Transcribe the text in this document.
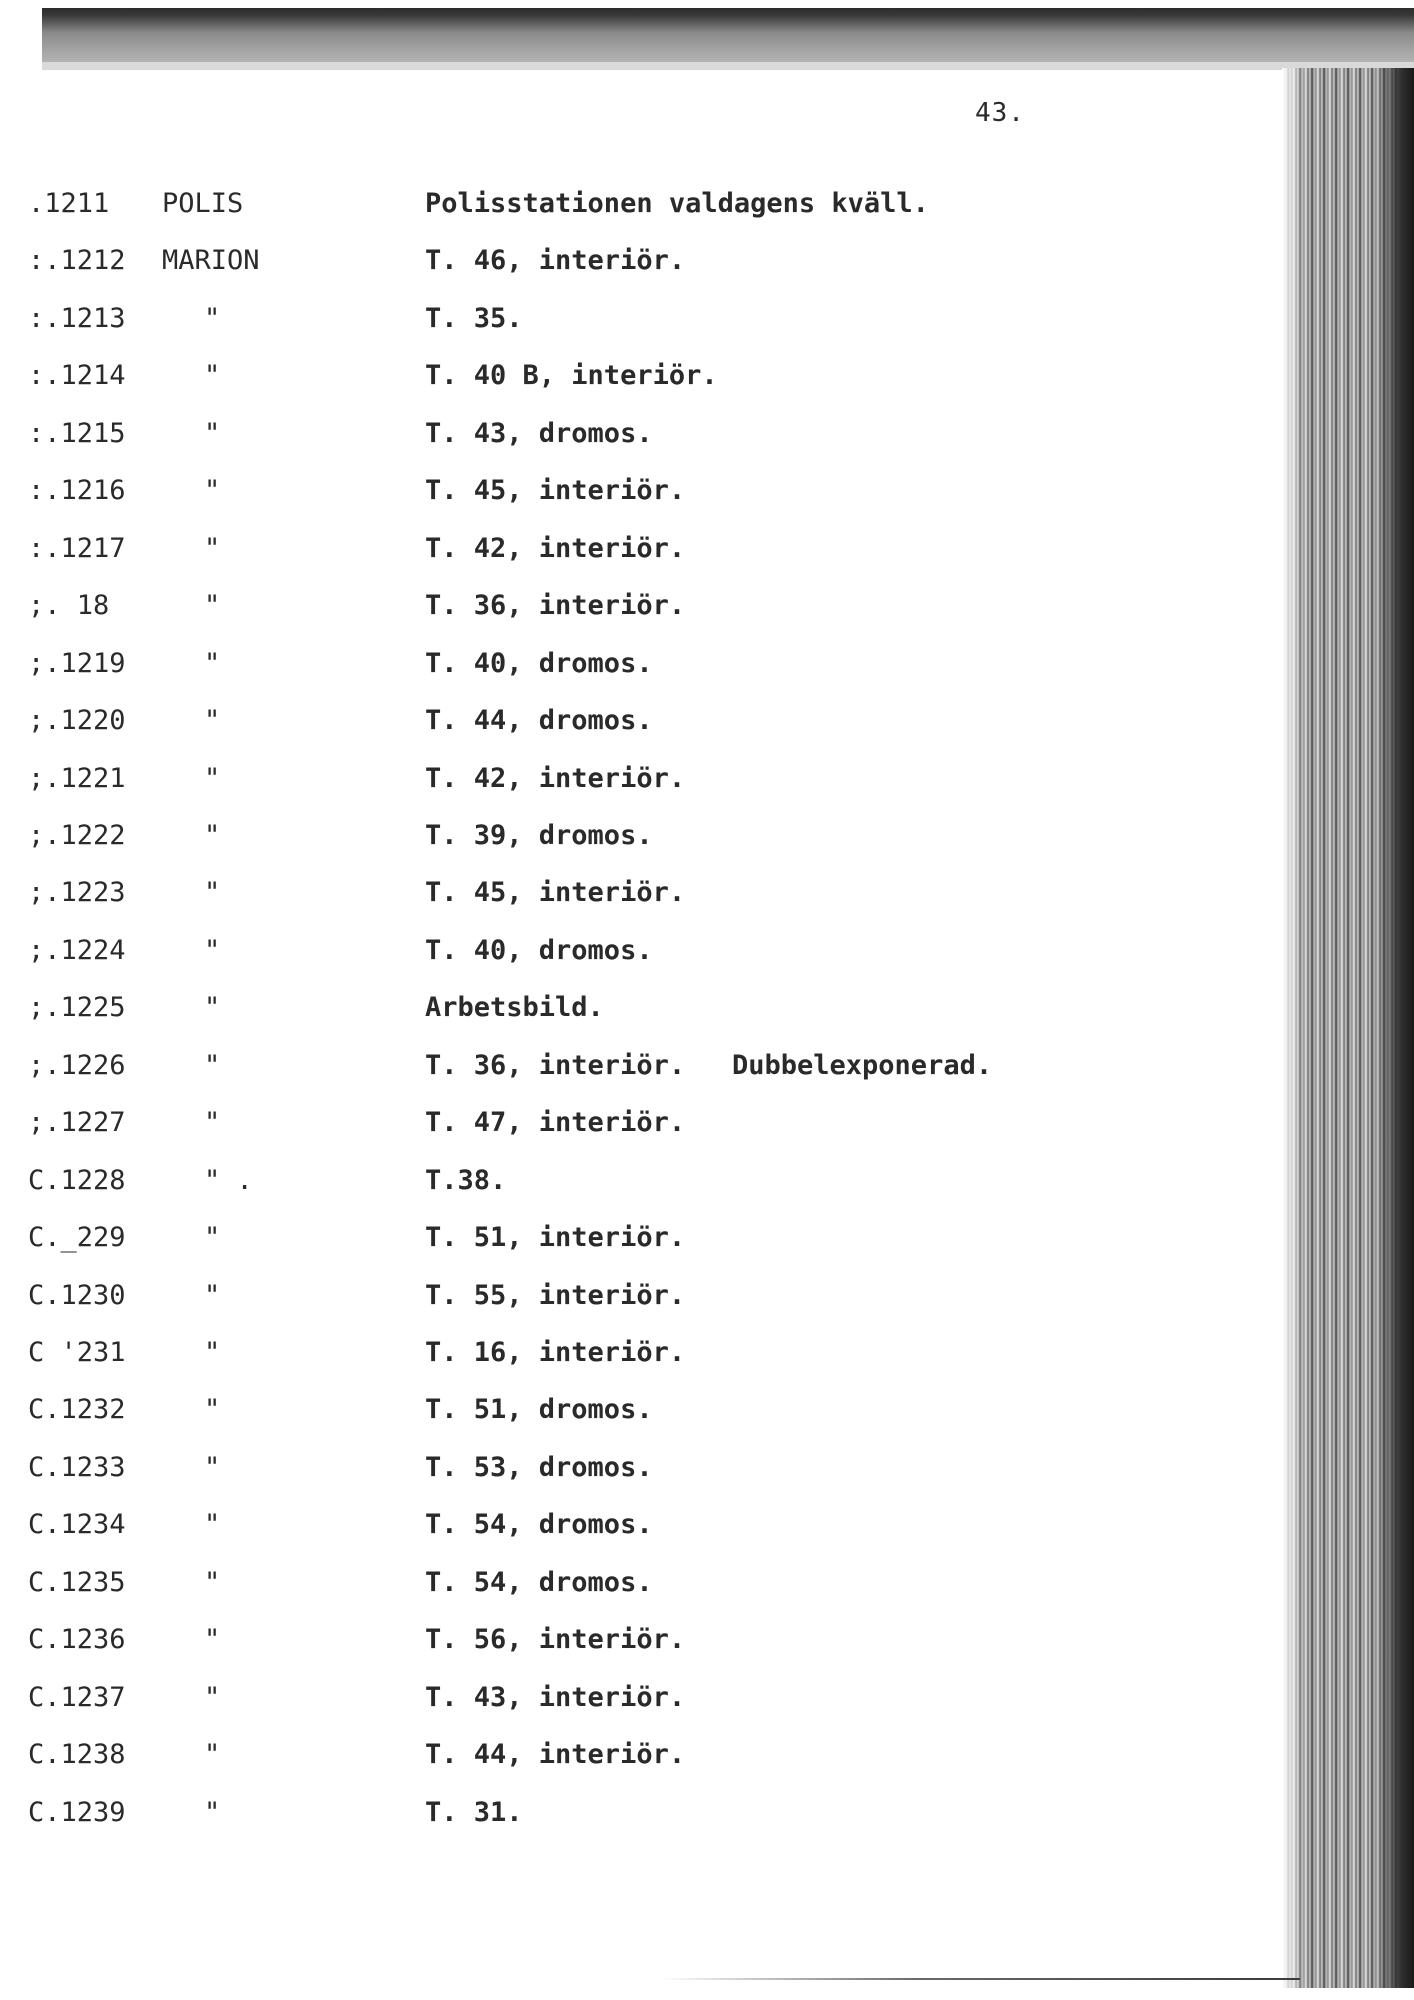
43.
.1211 POLIS	Polisstationen valdagens kväll.
:.1212 MARION	T. 46, interiör.
:.1213	"	T. 35.
:.1214	"	T. 40 B, interiör.
:.1215	"	T. 43, dromos.
:.1216	"	T. 45, interiör.
:.1217	"	T. 42, interiör.
;. 18	"	T. 36, interiör.
;.1219	"	T. 40, dromos.
;.1220	"	T. 44, dromos.
;.1221	"	T. 42, interiör.
;.1222	"	T. 39, dromos.
;.1223	"	T. 45, interiör.
;.1224	"	T. 40, dromos.
;.1225	"	Arbetsbild.
;.1226	"	T. 36, interiör. Dubbelexponerad.
;.1227	"	T. 47, interiör.
C.1228	" .	T.38.
C._229	"	T. 51, interiör.
C.1230	"	T. 55, interiör.
C '231	"	T. 16, interiör.
C.1232	"	T. 51, dromos.
C.1233	"	T. 53, dromos.
C.1234	"	T. 54, dromos.
C.1235	"	T. 54, dromos.
C.1236	"	T. 56, interiör.
C.1237	"	T. 43, interiör.
C.1238	"	T. 44, interiör.
C.1239	"	T. 31.
